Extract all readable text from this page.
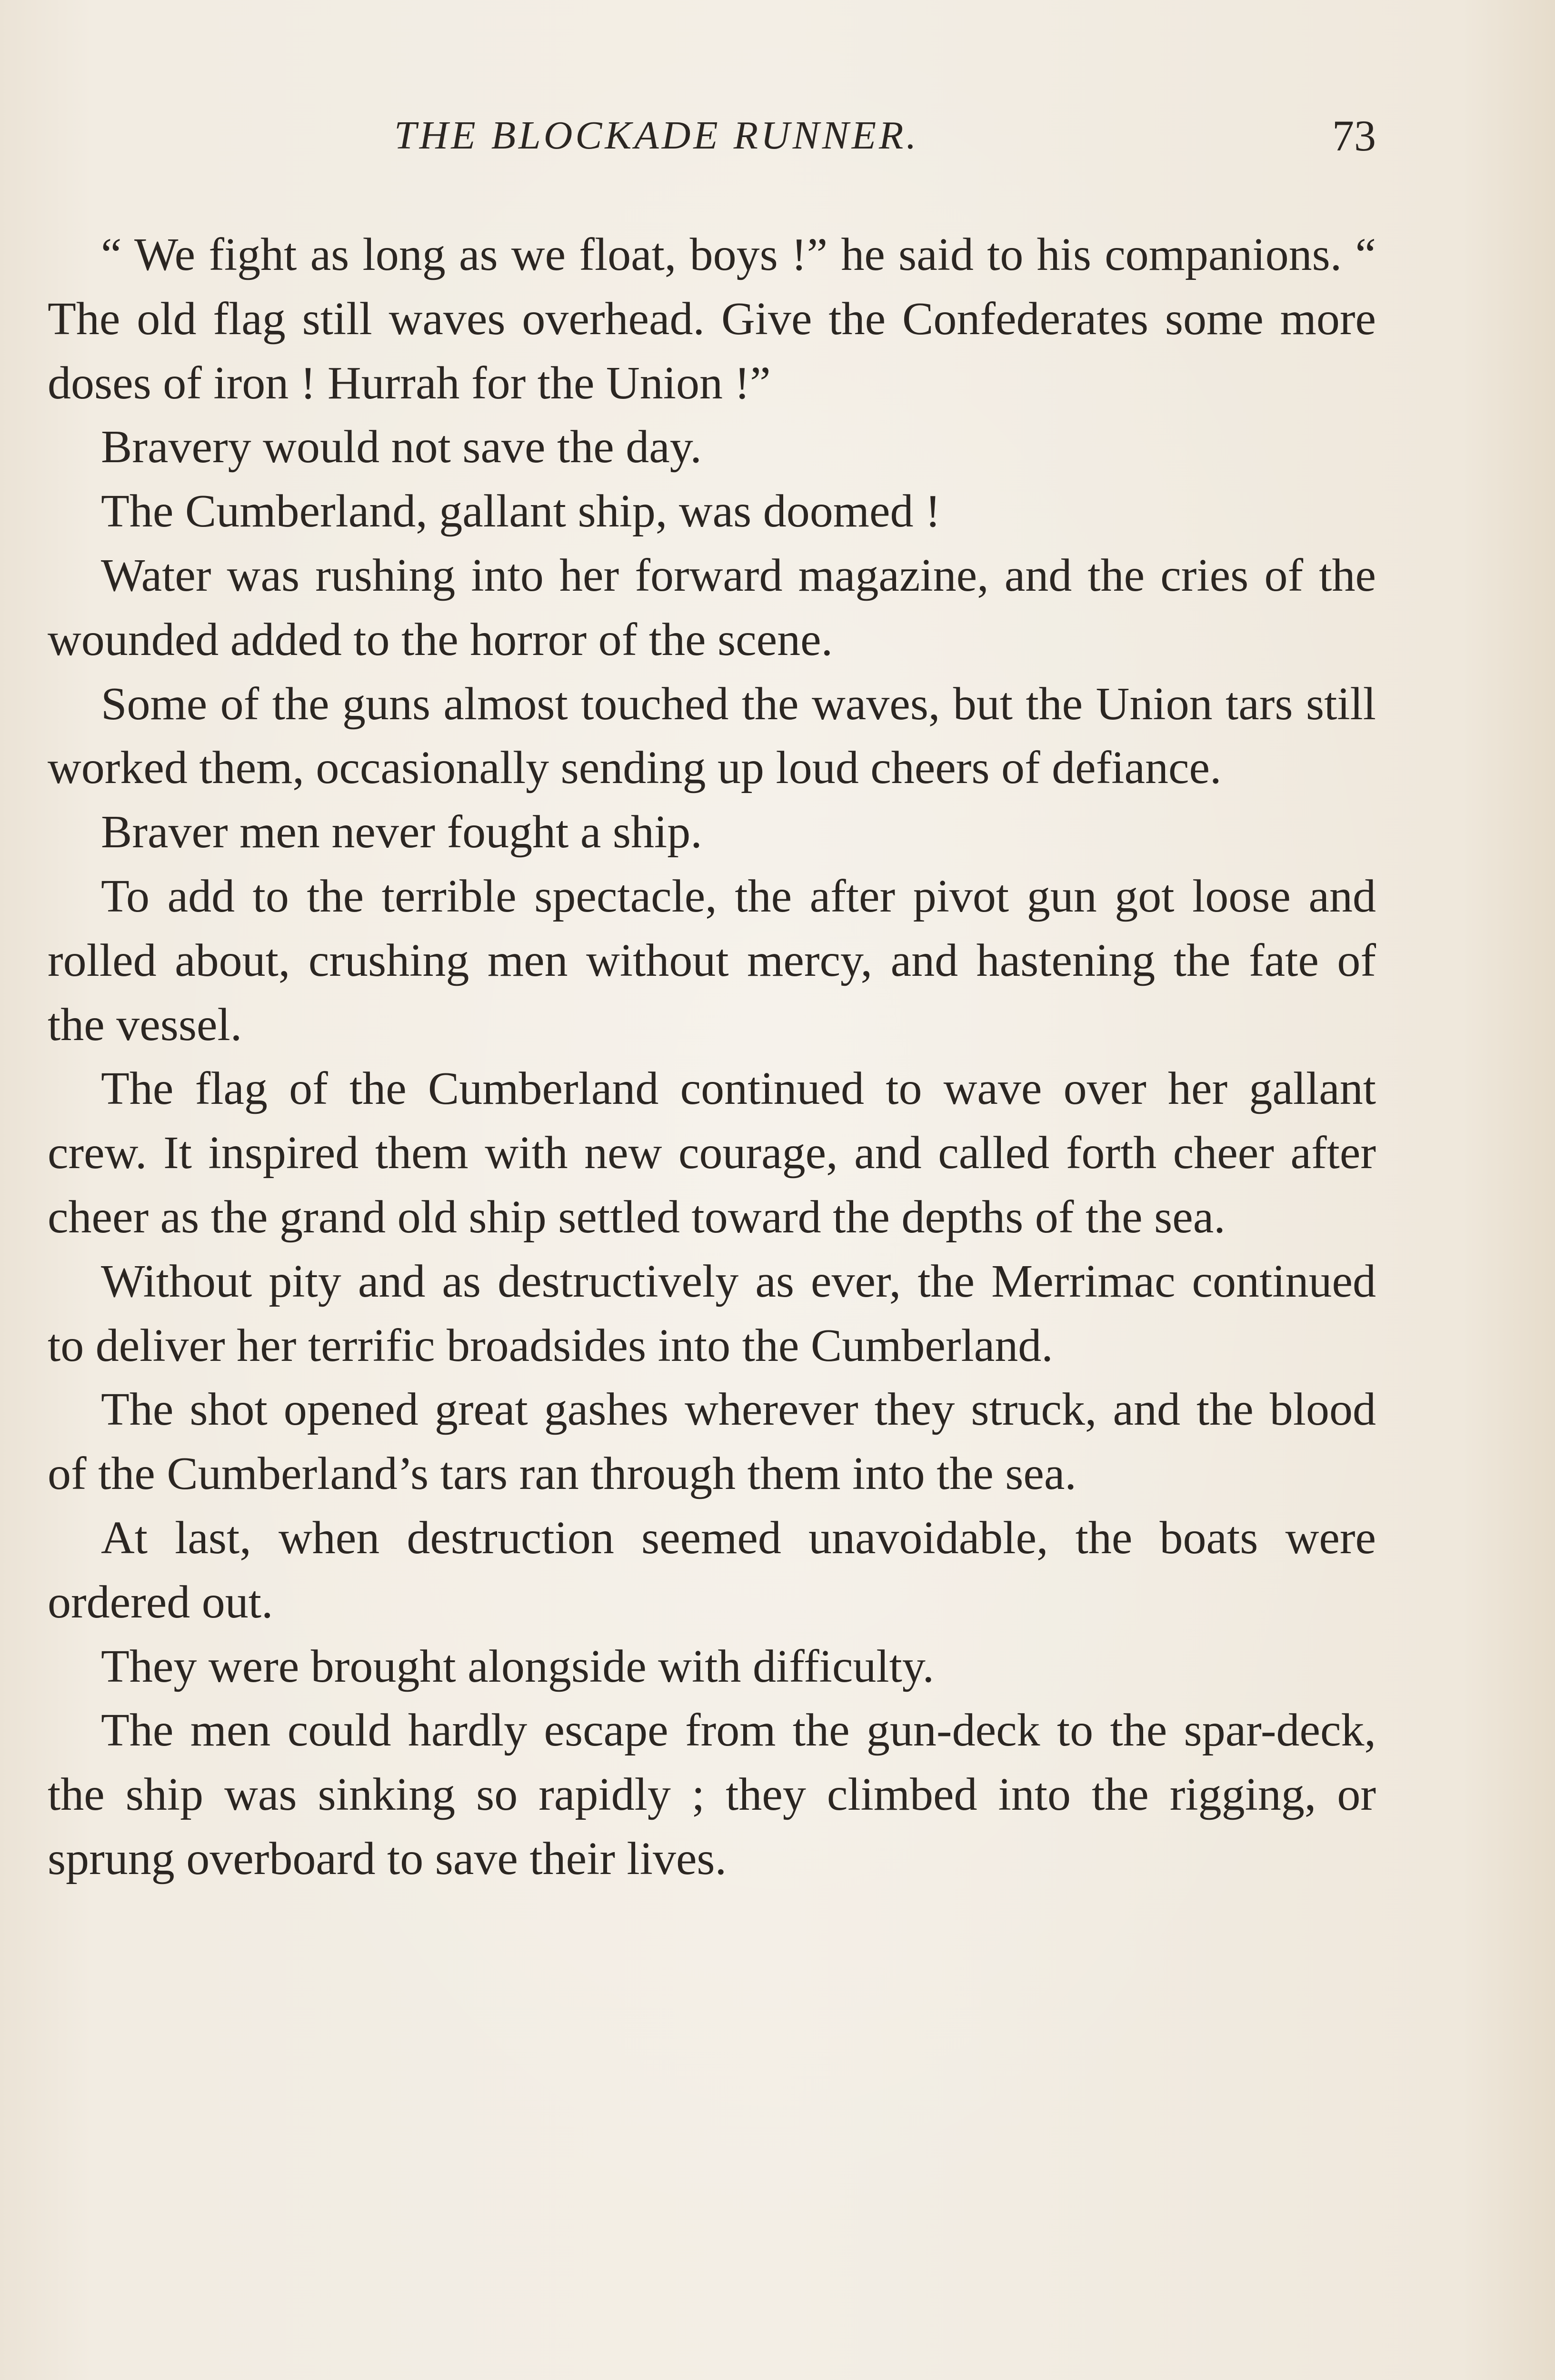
THE BLOCKADE RUNNER.	73

“ We fight as long as we float, boys !” he said to his companions. “ The old flag still waves overhead. Give the Confederates some more doses of iron ! Hurrah for the Union !”

Bravery would not save the day.

The Cumberland, gallant ship, was doomed !

Water was rushing into her forward magazine, and the cries of the wounded added to the horror of the scene.

Some of the guns almost touched the waves, but the Union tars still worked them, occasionally sending up loud cheers of defiance.

Braver men never fought a ship.

To add to the terrible spectacle, the after pivot gun got loose and rolled about, crushing men without mercy, and hastening the fate of the vessel.

The flag of the Cumberland continued to wave over her gallant crew. It inspired them with new courage, and called forth cheer after cheer as the grand old ship settled toward the depths of the sea.

Without pity and as destructively as ever, the Merrimac continued to deliver her terrific broadsides into the Cumberland.

The shot opened great gashes wherever they struck, and the blood of the Cumberland’s tars ran through them into the sea.

At last, when destruction seemed unavoidable, the boats were ordered out.

They were brought alongside with difficulty.

The men could hardly escape from the gun-deck to the spar-deck, the ship was sinking so rapidly ; they climbed into the rigging, or sprung overboard to save their lives.
